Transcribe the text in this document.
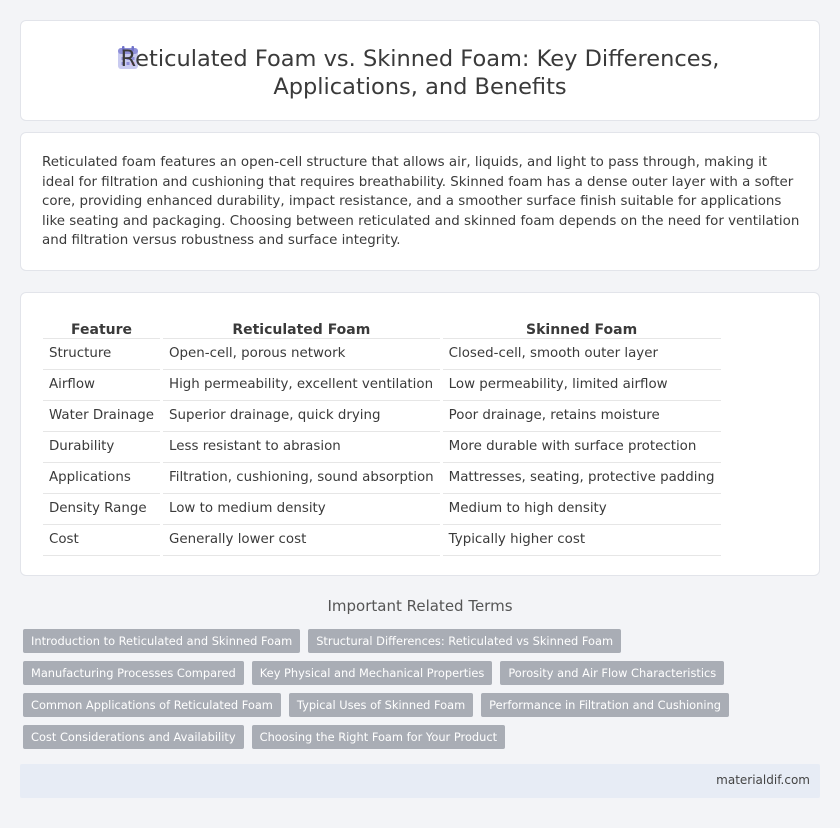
Reticulated Foam vs. Skinned Foam: Key Differences, Applications, and Benefits

Reticulated foam features an open-cell structure that allows air, liquids, and light to pass through, making it ideal for filtration and cushioning that requires breathability. Skinned foam has a dense outer layer with a softer core, providing enhanced durability, impact resistance, and a smoother surface finish suitable for applications like seating and packaging. Choosing between reticulated and skinned foam depends on the need for ventilation and filtration versus robustness and surface integrity.

Feature	Reticulated Foam	Skinned Foam
Structure	Open-cell, porous network	Closed-cell, smooth outer layer
Airflow	High permeability, excellent ventilation	Low permeability, limited airflow
Water Drainage	Superior drainage, quick drying	Poor drainage, retains moisture
Durability	Less resistant to abrasion	More durable with surface protection
Applications	Filtration, cushioning, sound absorption	Mattresses, seating, protective padding
Density Range	Low to medium density	Medium to high density
Cost	Generally lower cost	Typically higher cost
Important Related Terms
Introduction to Reticulated and Skinned Foam	Structural Differences: Reticulated vs Skinned Foam
Manufacturing Processes Compared	Key Physical and Mechanical Properties	Porosity and Air Flow Characteristics
Common Applications of Reticulated Foam	Typical Uses of Skinned Foam	Performance in Filtration and Cushioning
Cost Considerations and Availability	Choosing the Right Foam for Your Product
materialdif.com
